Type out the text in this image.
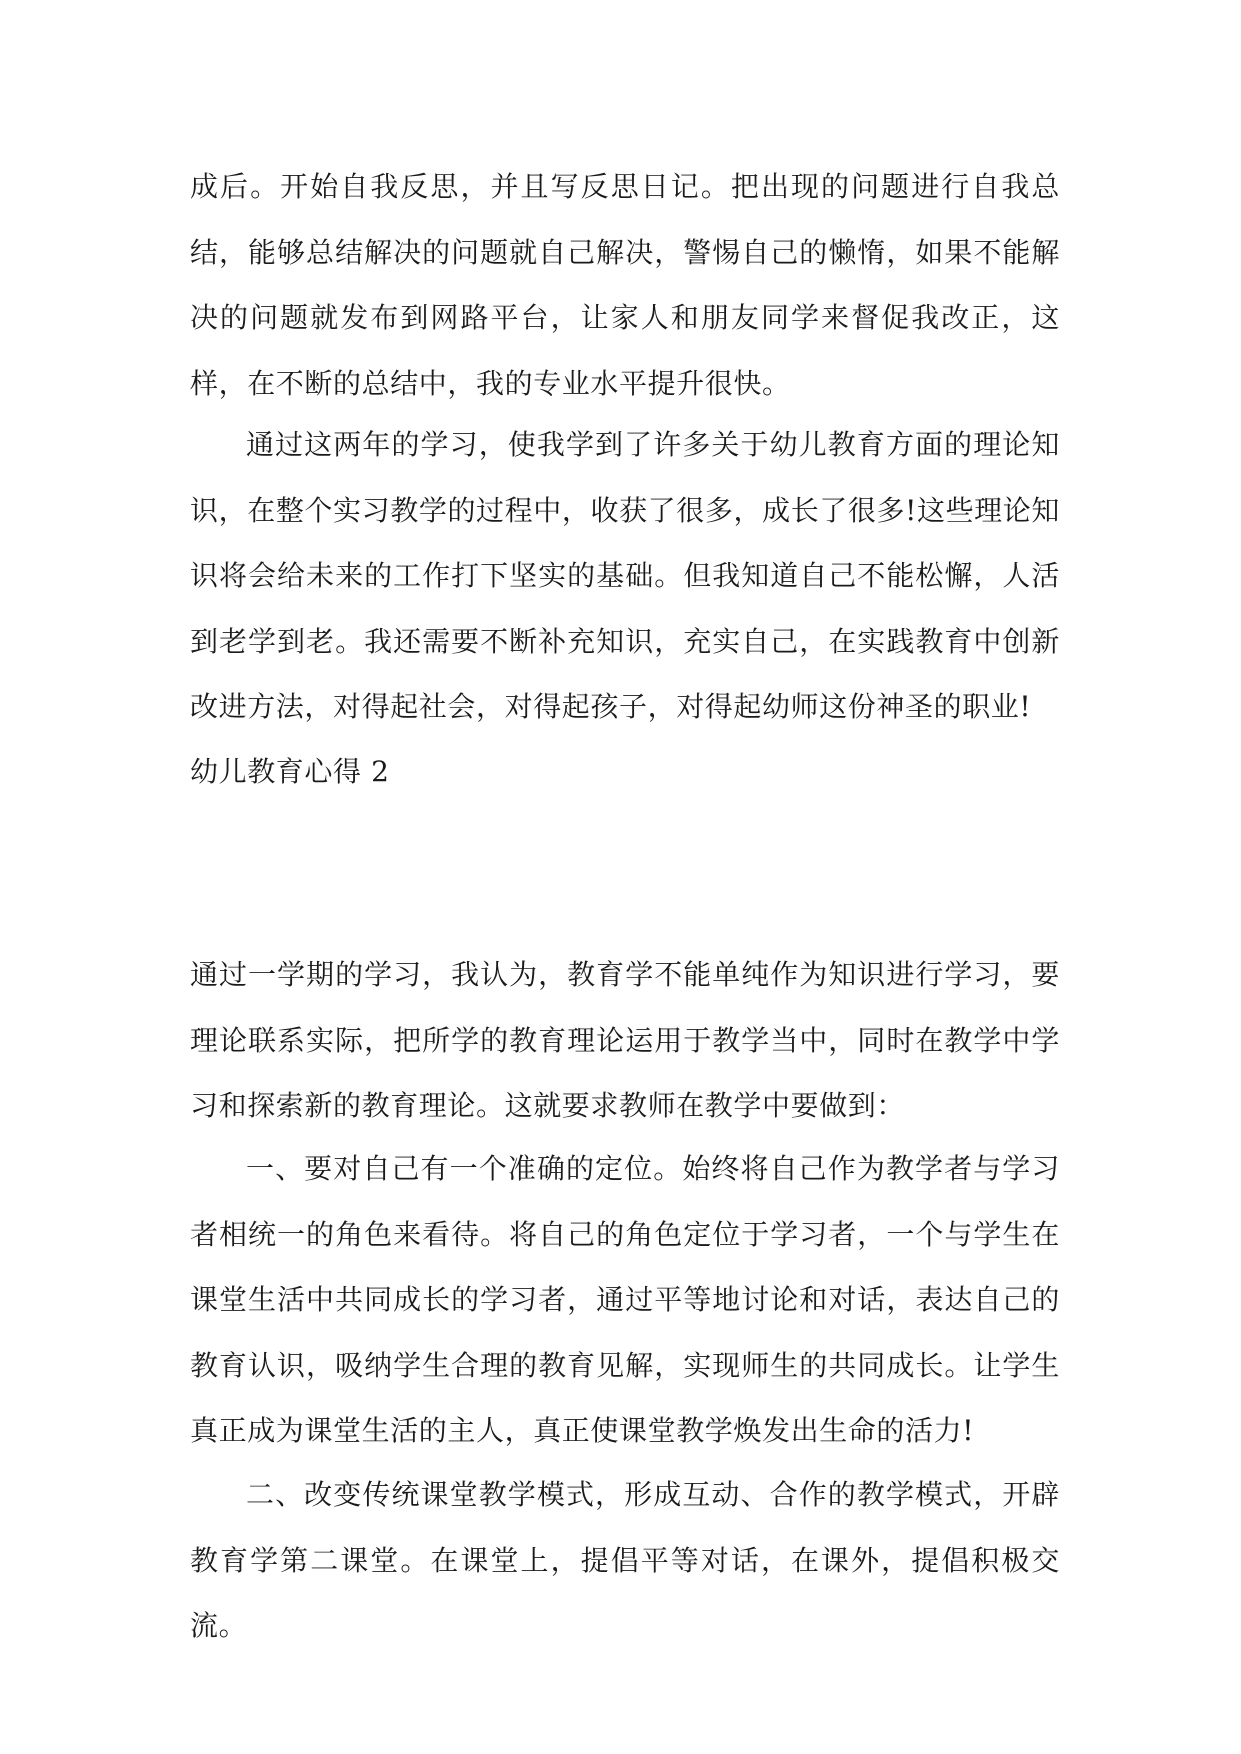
成后。开始自我反思，并且写反思日记。把出现的问题进行自我总结，能够总结解决的问题就自己解决，警惕自己的懒惰，如果不能解决的问题就发布到网路平台，让家人和朋友同学来督促我改正，这样，在不断的总结中，我的专业水平提升很快。

通过这两年的学习，使我学到了许多关于幼儿教育方面的理论知识，在整个实习教学的过程中，收获了很多，成长了很多!这些理论知识将会给未来的工作打下坚实的基础。但我知道自己不能松懈，人活到老学到老。我还需要不断补充知识，充实自己，在实践教育中创新改进方法，对得起社会，对得起孩子，对得起幼师这份神圣的职业!

幼儿教育心得 2

通过一学期的学习，我认为，教育学不能单纯作为知识进行学习，要理论联系实际，把所学的教育理论运用于教学当中，同时在教学中学习和探索新的教育理论。这就要求教师在教学中要做到：

一、要对自己有一个准确的定位。始终将自己作为教学者与学习者相统一的角色来看待。将自己的角色定位于学习者，一个与学生在课堂生活中共同成长的学习者，通过平等地讨论和对话，表达自己的教育认识，吸纳学生合理的教育见解，实现师生的共同成长。让学生真正成为课堂生活的主人，真正使课堂教学焕发出生命的活力!

二、改变传统课堂教学模式，形成互动、合作的教学模式，开辟教育学第二课堂。在课堂上，提倡平等对话，在课外，提倡积极交流。
